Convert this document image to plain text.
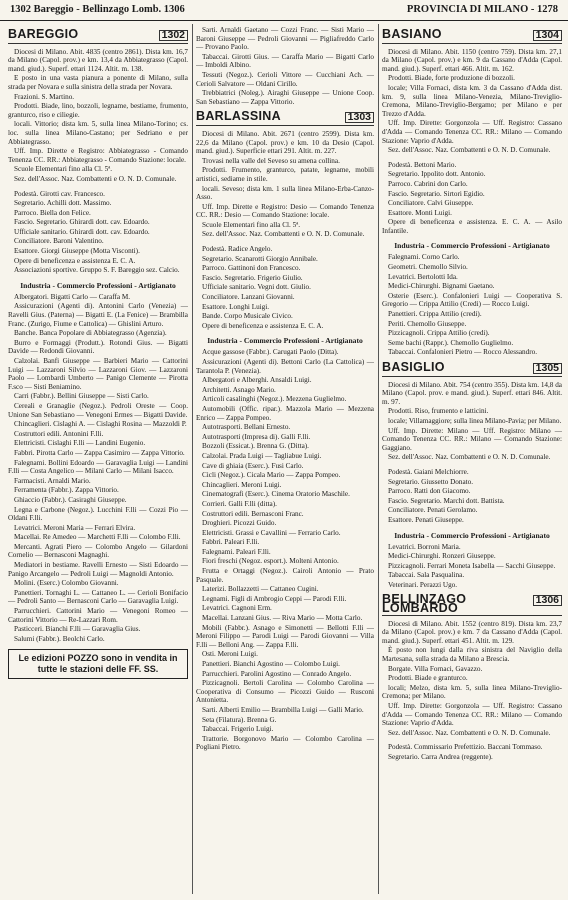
1302 Bareggio - Bellinzago Lomb. 1306	PROVINCIA DI MILANO - 1278
BAREGGIO	1302

Diocesi di Milano. Abit. 4835 (centro 2861). Dista km. 16,7 da Milano (Capol. prov.) e km. 13,4 da Abbiategrasso (Capol. mand. giud.). Superf. ettari 1124. Altit. m. 138.

E posto in una vasta pianura a ponente di Milano, sulla strada per Novara e sulla sinistra della strada per Novara.

Frazioni. S. Martino.

Prodotti. Biade, lino, bozzoli, legname, bestiame, frumento, granturco, riso e ciliegie.

locali. Vittorio; dista km. 5, sulla linea Milano-Torino; cs. loc. sulla linea Milano-Castano; per Sedriano e per Abbiategrasso.

Uff. Imp. Dirette e Registro: Abbiategrasso - Comando Tenenza CC. RR.: Abbiategrasso - Comando Stazione: locale.

Scuole Elementari fino alla Cl. 5ª.

Sez. dell'Assoc. Naz. Combattenti e O. N. D. Comunale.

Podestà. Girotti cav. Francesco.

Segretario. Achilli dott. Massimo.

Parroco. Biella don Felice.

Fascio. Segretario. Ghirardi dott. cav. Edoardo.

Ufficiale sanitario. Ghirardi dott. cav. Edoardo.

Conciliatore. Baroni Valentino.

Esattore. Giorgi Giuseppe (Motta Visconti).

Opere di beneficenza e assistenza E. C. A.

Associazioni sportive. Gruppo S. F. Bareggio sez. Calcio.

Industria - Commercio Professioni - Artigianato

Albergatori. Bigatti Carlo — Caraffa M.

Assicurazioni (Agenti di). Antonini Carlo (Venezia) — Ravelli Gius. (Paterna) — Bigatti E. (La Fenice) — Brambilla Franc. (Zurigo, Fiume e Cattolica) — Ghislini Arturo.

Banche. Banca Popolare di Abbiategrasso (Agenzia).

Burro e Formaggi (Produtt.). Rotondi Gius. — Bigatti Davide — Redondi Giovanni.

Calzolai. Banfi Giuseppe — Barbieri Mario — Cattorini Luigi — Lazzaroni Silvio — Lazzaroni Giov. — Lazzaroni Paolo — Lombardi Umberto — Panigo Clemente — Pirotta F.sco — Sisti Beniamino.

Carri (Fabbr.). Bellini Giuseppe — Sisti Carlo.

Cereali e Granaglie (Negoz.). Pedroli Oreste — Coop. Unione San Sebastiano — Venegoni Ermes — Bigatti Davide.

Chincaglieri. Cislaghi A. — Cislaghi Rosina — Mazzoldi P.

Costruttori edili. Antonini F.lli.

Elettricisti. Cislaghi F.lli — Landini Eugenio.

Fabbri. Pirotta Carlo — Zappa Casimiro — Zappa Vittorio.

Falegnami. Bollini Edoardo — Garavaglia Luigi — Landini F.lli — Costa Angelico — Milani Carlo — Milani Isacco.

Farmacisti. Arnaldi Mario.

Ferramenta (Fabbr.). Zappa Vittorio.

Ghiaccio (Fabbr.). Casiraghi Giuseppe.

Legna e Carbone (Negoz.). Lucchini F.lli — Cozzi Pio — Oldani F.lli.

Levatrici. Meroni Maria — Ferrari Elvira.

Macellai. Re Amedeo — Marchetti F.lli — Colombo F.lli.

Mercanti. Agrati Piero — Colombo Angelo — Gilardoni Cornelio — Bernasconi Magnaghi.

Mediatori in bestiame. Ravelli Ernesto — Sisti Edoardo — Panigo Arcangelo — Pedroli Luigi — Magnoldi Antonio.

Molini. (Eserc.) Colombo Giovanni.

Panettieri. Tornaghi L. — Cattaneo L. — Cerioli Bonifacio — Pedroli Santo — Bernasconi Carlo — Garavaglia Luigi.

Parrucchieri. Cattorini Mario — Venegoni Romeo — Cattorini Vittorio — Re-Lazzari Rom.

Pasticceri. Bianchi F.lli — Garavaglia Gius.

Salumi (Fabbr.). Beolchi Carlo.

Le edizioni POZZO sono in vendita in tutte le stazioni delle FF. SS.

Sarti. Arnaldi Gaetano — Cozzi Franc. — Sisti Mario — Baroni Giuseppe — Pedroli Giovanni — Pigliafreddo Carlo — Provano Paolo.

Tabaccai. Girotti Gius. — Caraffa Mario — Bigatti Carlo — Imboldi Albino.

Tessuti (Negoz.). Cerioli Vittore — Cucchiani Ach. — Cerioli Salvatore — Oldani Cirillo.

Trebbiatrici (Noleg.). Airaghi Giuseppe — Unione Coop. San Sebastiano — Zappa Vittorio.

BARLASSINA	1303

Diocesi di Milano. Abit. 2671 (centro 2599). Dista km. 22,6 da Milano (Capol. prov.) e km. 10 da Desio (Capol. mand. giud.). Superficie ettari 291. Altit. m. 227.

Trovasi nella valle del Seveso su amena collina.

Prodotti. Frumento, granturco, patate, legname, mobili artistici, sediame in stile.

locali. Seveso; dista km. 1 sulla linea Milano-Erba-Canzo-Asso.

Uff. Imp. Dirette e Registro: Desio — Comando Tenenza CC. RR.: Desio — Comando Stazione: locale.

Scuole Elementari fino alla Cl. 5ª.

Sez. dell'Assoc. Naz. Combattenti e O. N. D. Comunale.

Podestà. Radice Angelo.

Segretario. Scanarotti Giorgio Annibale.

Parroco. Gattinoni don Francesco.

Fascio. Segretario. Frigerio Giulio.

Ufficiale sanitario. Vegni dott. Giulio.

Conciliatore. Lanzani Giovanni.

Esattore. Longhi Luigi.

Bande. Corpo Musicale Civico.

Opere di beneficenza e assistenza E. C. A.

Industria - Commercio Professioni - Artigianato

Acque gassose (Fabbr.). Carugati Paolo (Ditta).

Assicurazioni (Agenti di). Bettoni Carlo (La Cattolica) — Tarantola P. (Venezia).

Albergatori e Alberghi. Ansaldi Luigi.

Architetti. Asnago Mario.

Articoli casalinghi (Negoz.). Mezzena Guglielmo.

Automobili (Offic. ripar.). Mazzola Mario — Mezzena Enrico — Zappa Pompeo.

Autotrasporti. Bellani Ernesto.

Autotrasporti (Impresa di). Galli F.lli.

Bozzoli (Essicat.). Brenna G. (Ditta).

Calzolai. Prada Luigi — Tagliabue Luigi.

Cave di ghiaia (Eserc.). Fusi Carlo.

Cicli (Negoz.). Cicala Mario — Zappa Pompeo.

Chincaglieri. Meroni Luigi.

Cinematografi (Eserc.). Cinema Oratorio Maschile.

Corrieri. Galli F.lli (ditta).

Costruttori edili. Bernasconi Franc.

Droghieri. Picozzi Guido.

Elettricisti. Grassi e Cavallini — Ferrario Carlo.

Fabbri. Paleari F.lli.

Falegnami. Paleari F.lli.

Fiori freschi (Negoz. esport.). Molteni Antonio.

Frutta e Ortaggi (Negoz.). Cairoli Antonio — Prato Pasquale.

Laterizi. Bollazzetti — Cattaneo Cugini.

Legnami. Figli di Ambrogio Ceppi — Parodi F.lli.

Levatrici. Cagnoni Erm.

Macellai. Lanzani Gius. — Riva Mario — Motta Carlo.

Mobili (Fabbr.). Asnago e Simonetti — Bellotti F.lli — Meroni Filippo — Parodi Luigi — Parodi Giovanni — Villa F.lli — Belloni Ang. — Zappa F.lli.

Osti. Meroni Luigi.

Panettieri. Bianchi Agostino — Colombo Luigi.

Parrucchieri. Parolini Agostino — Conrado Angelo.

Pizzicagnoli. Bertoli Carolina — Colombo Carolina — Cooperativa di Consumo — Picozzi Guido — Rusconi Antonietta.

Sarti. Alberti Emilio — Brambilla Luigi — Galli Mario.

Seta (Filatura). Brenna G.

Tabaccai. Frigerio Luigi.

Trattorie. Borgonovo Mario — Colombo Carolina — Pogliani Pietro.

BASIANO	1304

Diocesi di Milano. Abit. 1150 (centro 759). Dista km. 27,1 da Milano (Capol. prov.) e km. 9 da Cassano d'Adda (Capol. mand. giud.). Superf. ettari 466. Altit. m. 162.

Prodotti. Biade, forte produzione di bozzoli.

locale; Villa Fornaci, dista km. 3 da Cassano d'Adda dist. km. 9, sulla linea Milano-Venezia, Milano-Treviglio-Cremona, Milano-Treviglio-Bergamo; per Milano e per Trezzo d'Adda.

Uff. Imp. Dirette: Gorgonzola — Uff. Registro: Cassano d'Adda — Comando Tenenza CC. RR.: Milano — Comando Stazione: Vaprio d'Adda.

Sez. dell'Assoc. Naz. Combattenti e O. N. D. Comunale.

Podestà. Bettoni Mario.

Segretario. Ippolito dott. Antonio.

Parroco. Cabrini don Carlo.

Fascio. Segretario. Sirtori Egidio.

Conciliatore. Calvi Giuseppe.

Esattore. Monti Luigi.

Opere di beneficenza e assistenza. E. C. A. — Asilo Infantile.

Industria - Commercio Professioni - Artigianato

Falegnami. Corno Carlo.

Geometri. Chemollo Silvio.

Levatrici. Bertolotti Ida.

Medici-Chirurghi. Bignami Gaetano.

Osterie (Eserc.). Confalonieri Luigi — Cooperativa S. Gregorio — Crippa Attilio (Credi) — Rocco Luigi.

Panettieri. Crippa Attilio (credi).

Periti. Chemollo Giuseppe.

Pizzicagnoli. Crippa Attilio (credi).

Seme bachi (Rappr.). Chemollo Guglielmo.

Tabaccai. Confalonieri Pietro — Rocco Alessandro.

BASIGLIO	1305

Diocesi di Milano. Abit. 754 (centro 355). Dista km. 14,8 da Milano (Capol. prov. e mand. giud.). Superf. ettari 846. Altit. m. 97.

Prodotti. Riso, frumento e latticini.

locale; Villamaggiore; sulla linea Milano-Pavia; per Milano.

Uff. Imp. Dirette: Milano — Uff. Registro: Milano — Comando Tenenza CC. RR.: Milano — Comando Stazione: Gaggiano.

Sez. dell'Assoc. Naz. Combattenti e O. N. D. Comunale.

Podestà. Gaiani Melchiorre.

Segretario. Giussetto Donato.

Parroco. Ratti don Giacomo.

Fascio. Segretario. Marchi dott. Battista.

Conciliatore. Penati Gerolamo.

Esattore. Penati Giuseppe.

Industria - Commercio Professioni - Artigianato

Levatrici. Borroni Maria.

Medici-Chirurghi. Ronzeri Giuseppe.

Pizzicagnoli. Ferrari Moneta Isabella — Sacchi Giuseppe.

Tabaccai. Sala Pasqualina.

Veterinari. Perazzi Ugo.

BELLINZAGO LOMBARDO
1306

Diocesi di Milano. Abit. 1552 (centro 819). Dista km. 23,7 da Milano (Capol. prov.) e km. 7 da Cassano d'Adda (Capol. mand. giud.). Superf. ettari 451. Altit. m. 129.

È posto non lungi dalla riva sinistra del Naviglio della Martesana, sulla strada da Milano a Brescia.

Borgate. Villa Fornaci, Gavazzo.

Prodotti. Biade e granturco.

locali; Melzo, dista km. 5, sulla linea Milano-Treviglio-Cremona; per Milano.

Uff. Imp. Dirette: Gorgonzola — Uff. Registro: Cassano d'Adda — Comando Tenenza CC. RR.: Milano — Comando Stazione: Vaprio d'Adda.

Sez. dell'Assoc. Naz. Combattenti e O. N. D. Comunale.

Podestà. Commissario Prefettizio. Baccani Tommaso.

Segretario. Carra Andrea (reggente).
